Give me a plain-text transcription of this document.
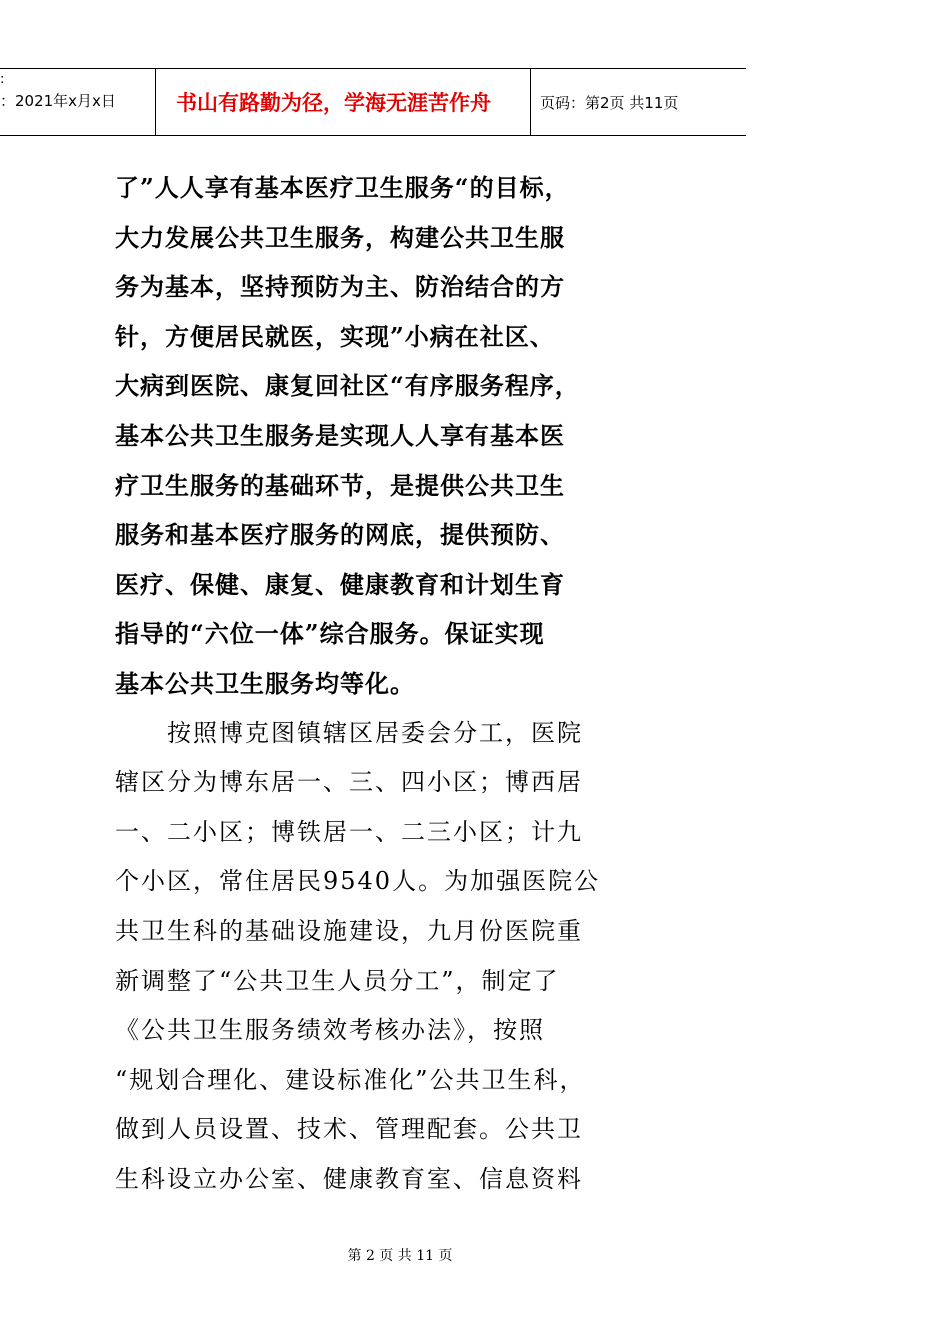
:
：2021年x月x日	书山有路勤为径，学海无涯苦作舟	页码：第2页 共11页
了”人人享有基本医疗卫生服务“的目标，
大力发展公共卫生服务，构建公共卫生服
务为基本，坚持预防为主、防治结合的方
针，方便居民就医，实现”小病在社区、
大病到医院、康复回社区“有序服务程序，
基本公共卫生服务是实现人人享有基本医
疗卫生服务的基础环节，是提供公共卫生
服务和基本医疗服务的网底，提供预防、
医疗、保健、康复、健康教育和计划生育
指导的“六位一体”综合服务。保证实现
基本公共卫生服务均等化。
　　按照博克图镇辖区居委会分工，医院
辖区分为博东居一、三、四小区；博西居
一、二小区；博铁居一、二三小区；计九
个小区，常住居民9540人。为加强医院公
共卫生科的基础设施建设，九月份医院重
新调整了“公共卫生人员分工”，制定了
《公共卫生服务绩效考核办法》，按照
“规划合理化、建设标准化”公共卫生科，
做到人员设置、技术、管理配套。公共卫
生科设立办公室、健康教育室、信息资料
第 2 页 共 11 页
